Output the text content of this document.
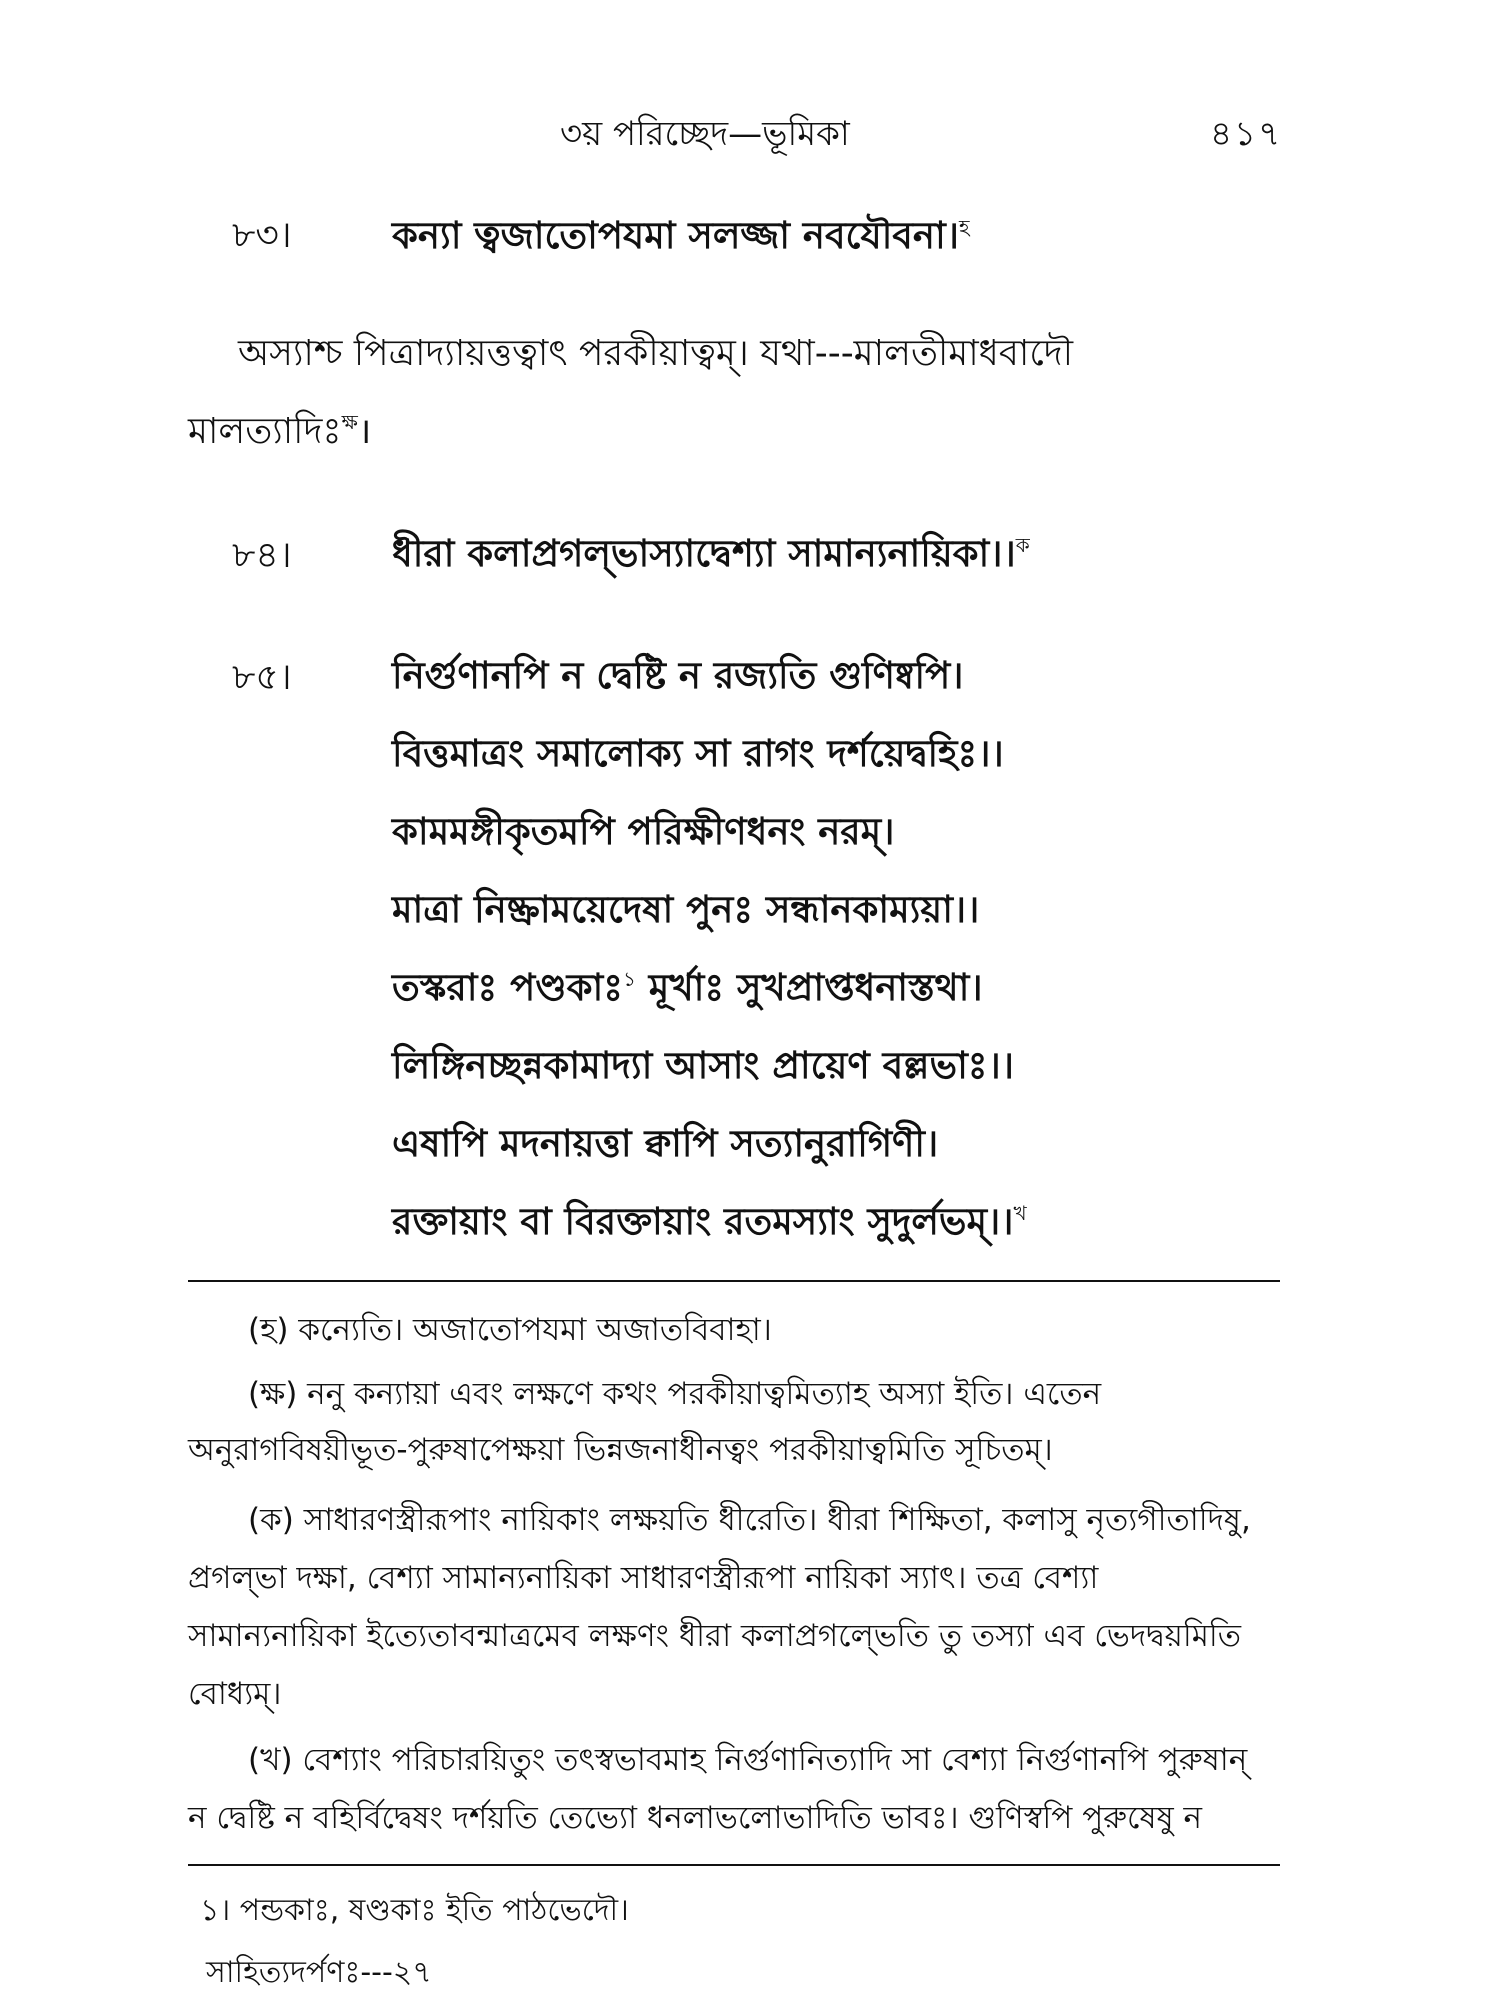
৩য় পরিচ্ছেদ—ভূমিকা	৪১৭
৮৩।	কন্যা ত্বজাতোপযমা সলজ্জা নবযৌবনা।$^হ$
অস্যাশ্চ পিত্রাদ্যায়ত্তত্বাৎ পরকীয়াত্বম্। যথা---মালতীমাধবাদৌ
মালত্যাদিঃ$^{ক্ষ}$।
৮৪।	ধীরা কলাপ্রগল্ভাস্যাদ্বেশ্যা সামান্যনায়িকা।।$^ক$
৮৫।	নির্গুণানপি ন দ্বেষ্টি ন রজ্যতি গুণিষ্বপি।
বিত্তমাত্রং সমালোক্য সা রাগং দর্শয়েদ্বহিঃ।।
কামমঙ্গীকৃতমপি পরিক্ষীণধনং নরম্।
মাত্রা নিষ্ক্রাময়েদেষা পুনঃ সন্ধানকাম্যয়া।।
তস্করাঃ পণ্ডকাঃ$^১$ মূর্খাঃ সুখপ্রাপ্তধনাস্তথা।
লিঙ্গিনচ্ছন্নকামাদ্যা আসাং প্রায়েণ বল্লভাঃ।।
এষাপি মদনায়ত্তা ক্বাপি সত্যানুরাগিণী।
রক্তায়াং বা বিরক্তায়াং রতমস্যাং সুদুর্লভম্।।$^খ$
(হ) কন্যেতি। অজাতোপযমা অজাতবিবাহা।
(ক্ষ) ননু কন্যায়া এবং লক্ষণে কথং পরকীয়াত্বমিত্যাহ অস্যা ইতি। এতেন
অনুরাগবিষয়ীভূত-পুরুষাপেক্ষয়া ভিন্নজনাধীনত্বং পরকীয়াত্বমিতি সূচিতম্।
(ক) সাধারণস্ত্রীরূপাং নায়িকাং লক্ষয়তি ধীরেতি। ধীরা শিক্ষিতা, কলাসু নৃত্যগীতাদিষু,
প্রগল্ভা দক্ষা, বেশ্যা সামান্যনায়িকা সাধারণস্ত্রীরূপা নায়িকা স্যাৎ। তত্র বেশ্যা
সামান্যনায়িকা ইত্যেতাবন্মাত্রমেব লক্ষণং ধীরা কলাপ্রগল্ভেতি তু তস্যা এব ভেদদ্বয়মিতি
বোধ্যম্।
(খ) বেশ্যাং পরিচারয়িতুং তৎস্বভাবমাহ নির্গুণানিত্যাদি সা বেশ্যা নির্গুণানপি পুরুষান্
ন দ্বেষ্টি ন বহির্বিদ্বেষং দর্শয়তি তেভ্যো ধনলাভলোভাদিতি ভাবঃ। গুণিস্বপি পুরুষেষু ন
১। পন্ডকাঃ, ষণ্ডকাঃ ইতি পাঠভেদৌ।
সাহিত্যদর্পণঃ---২৭
